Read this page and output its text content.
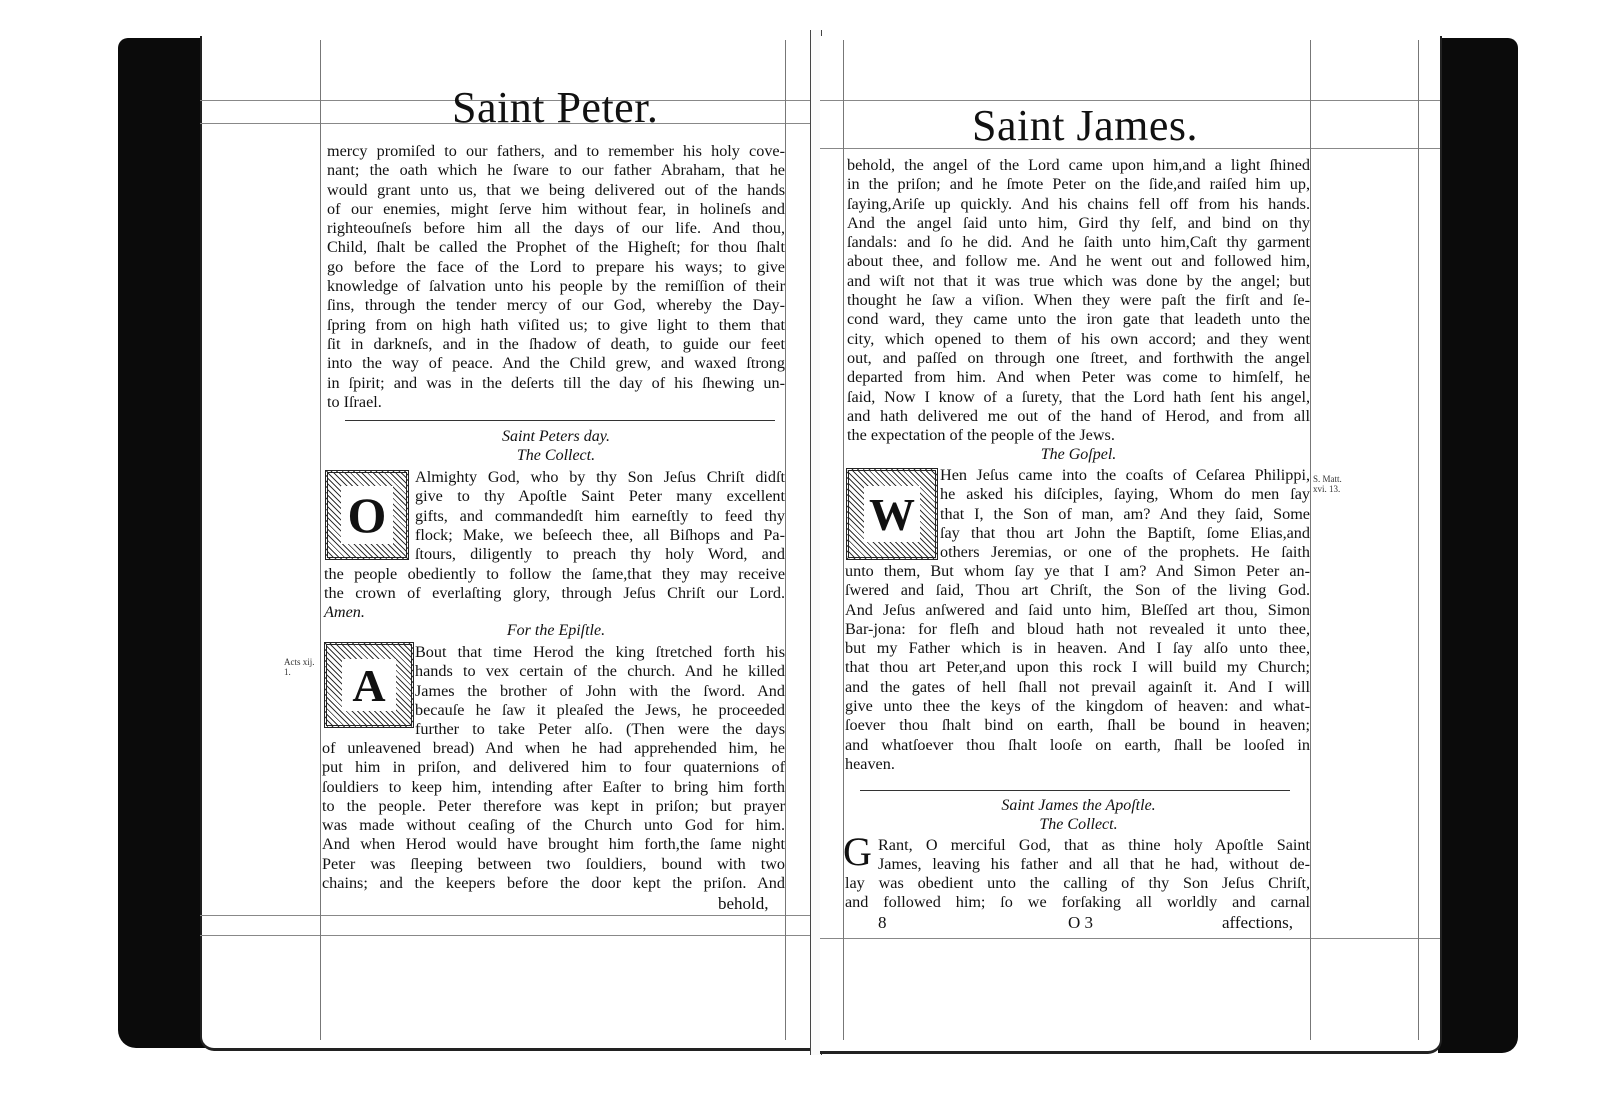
Saint Peter.
mercy promiſed to our fathers, and to remember his holy cove-
nant; the oath which he ſware to our father Abraham, that he
would grant unto us, that we being delivered out of the hands
of our enemies, might ſerve him without fear, in holineſs and
righteouſneſs before him all the days of our life. And thou,
Child, ſhalt be called the Prophet of the Higheſt; for thou ſhalt
go before the face of the Lord to prepare his ways; to give
knowledge of ſalvation unto his people by the remiſſion of their
ſins, through the tender mercy of our God, whereby the Day-
ſpring from on high hath viſited us; to give light to them that
ſit in darkneſs, and in the ſhadow of death, to guide our feet
into the way of peace. And the Child grew, and waxed ſtrong
in ſpirit; and was in the deſerts till the day of his ſhewing un-
to Iſrael.
Saint Peters day.
The Collect.
O
Almighty God, who by thy Son Jeſus Chriſt didſt
give to thy Apoſtle Saint Peter many excellent
gifts, and commandedſt him earneſtly to feed thy
flock; Make, we beſeech thee, all Biſhops and Pa-
ſtours, diligently to preach thy holy Word, and
the people obediently to follow the ſame,that they may receive
the crown of everlaſting glory, through Jeſus Chriſt our Lord.
Amen.
For the Epiſtle.
Acts xij. 1.	A
Bout that time Herod the king ſtretched forth his
hands to vex certain of the church. And he killed
James the brother of John with the ſword. And
becauſe he ſaw it pleaſed the Jews, he proceeded
further to take Peter alſo. (Then were the days
of unleavened bread) And when he had apprehended him, he
put him in priſon, and delivered him to four quaternions of
ſouldiers to keep him, intending after Eaſter to bring him forth
to the people. Peter therefore was kept in priſon; but prayer
was made without ceaſing of the Church unto God for him.
And when Herod would have brought him forth,the ſame night
Peter was ſleeping between two ſouldiers, bound with two
chains; and the keepers before the door kept the priſon. And
behold,
Saint James.
behold, the angel of the Lord came upon him,and a light ſhined
in the priſon; and he ſmote Peter on the ſide,and raiſed him up,
ſaying,Ariſe up quickly. And his chains fell off from his hands.
And the angel ſaid unto him, Gird thy ſelf, and bind on thy
ſandals: and ſo he did. And he ſaith unto him,Caſt thy garment
about thee, and follow me. And he went out and followed him,
and wiſt not that it was true which was done by the angel; but
thought he ſaw a viſion. When they were paſt the firſt and ſe-
cond ward, they came unto the iron gate that leadeth unto the
city, which opened to them of his own accord; and they went
out, and paſſed on through one ſtreet, and forthwith the angel
departed from him. And when Peter was come to himſelf, he
ſaid, Now I know of a ſurety, that the Lord hath ſent his angel,
and hath delivered me out of the hand of Herod, and from all
the expectation of the people of the Jews.
The Goſpel.
S. Matt. xvi. 13.
W
Hen Jeſus came into the coaſts of Ceſarea Philippi,
he asked his diſciples, ſaying, Whom do men ſay
that I, the Son of man, am? And they ſaid, Some
ſay that thou art John the Baptiſt, ſome Elias,and
others Jeremias, or one of the prophets. He ſaith
unto them, But whom ſay ye that I am? And Simon Peter an-
ſwered and ſaid, Thou art Chriſt, the Son of the living God.
And Jeſus anſwered and ſaid unto him, Bleſſed art thou, Simon
Bar-jona: for fleſh and bloud hath not revealed it unto thee,
but my Father which is in heaven. And I ſay alſo unto thee,
that thou art Peter,and upon this rock I will build my Church;
and the gates of hell ſhall not prevail againſt it. And I will
give unto thee the keys of the kingdom of heaven: and what-
ſoever thou ſhalt bind on earth, ſhall be bound in heaven;
and whatſoever thou ſhalt looſe on earth, ſhall be looſed in
heaven.
Saint James the Apoſtle.
The Collect.
G Rant, O merciful God, that as thine holy Apoſtle Saint
James, leaving his father and all that he had, without de-
lay was obedient unto the calling of thy Son Jeſus Chriſt,
and followed him; ſo we forſaking all worldly and carnal
8	O 3	affections,
